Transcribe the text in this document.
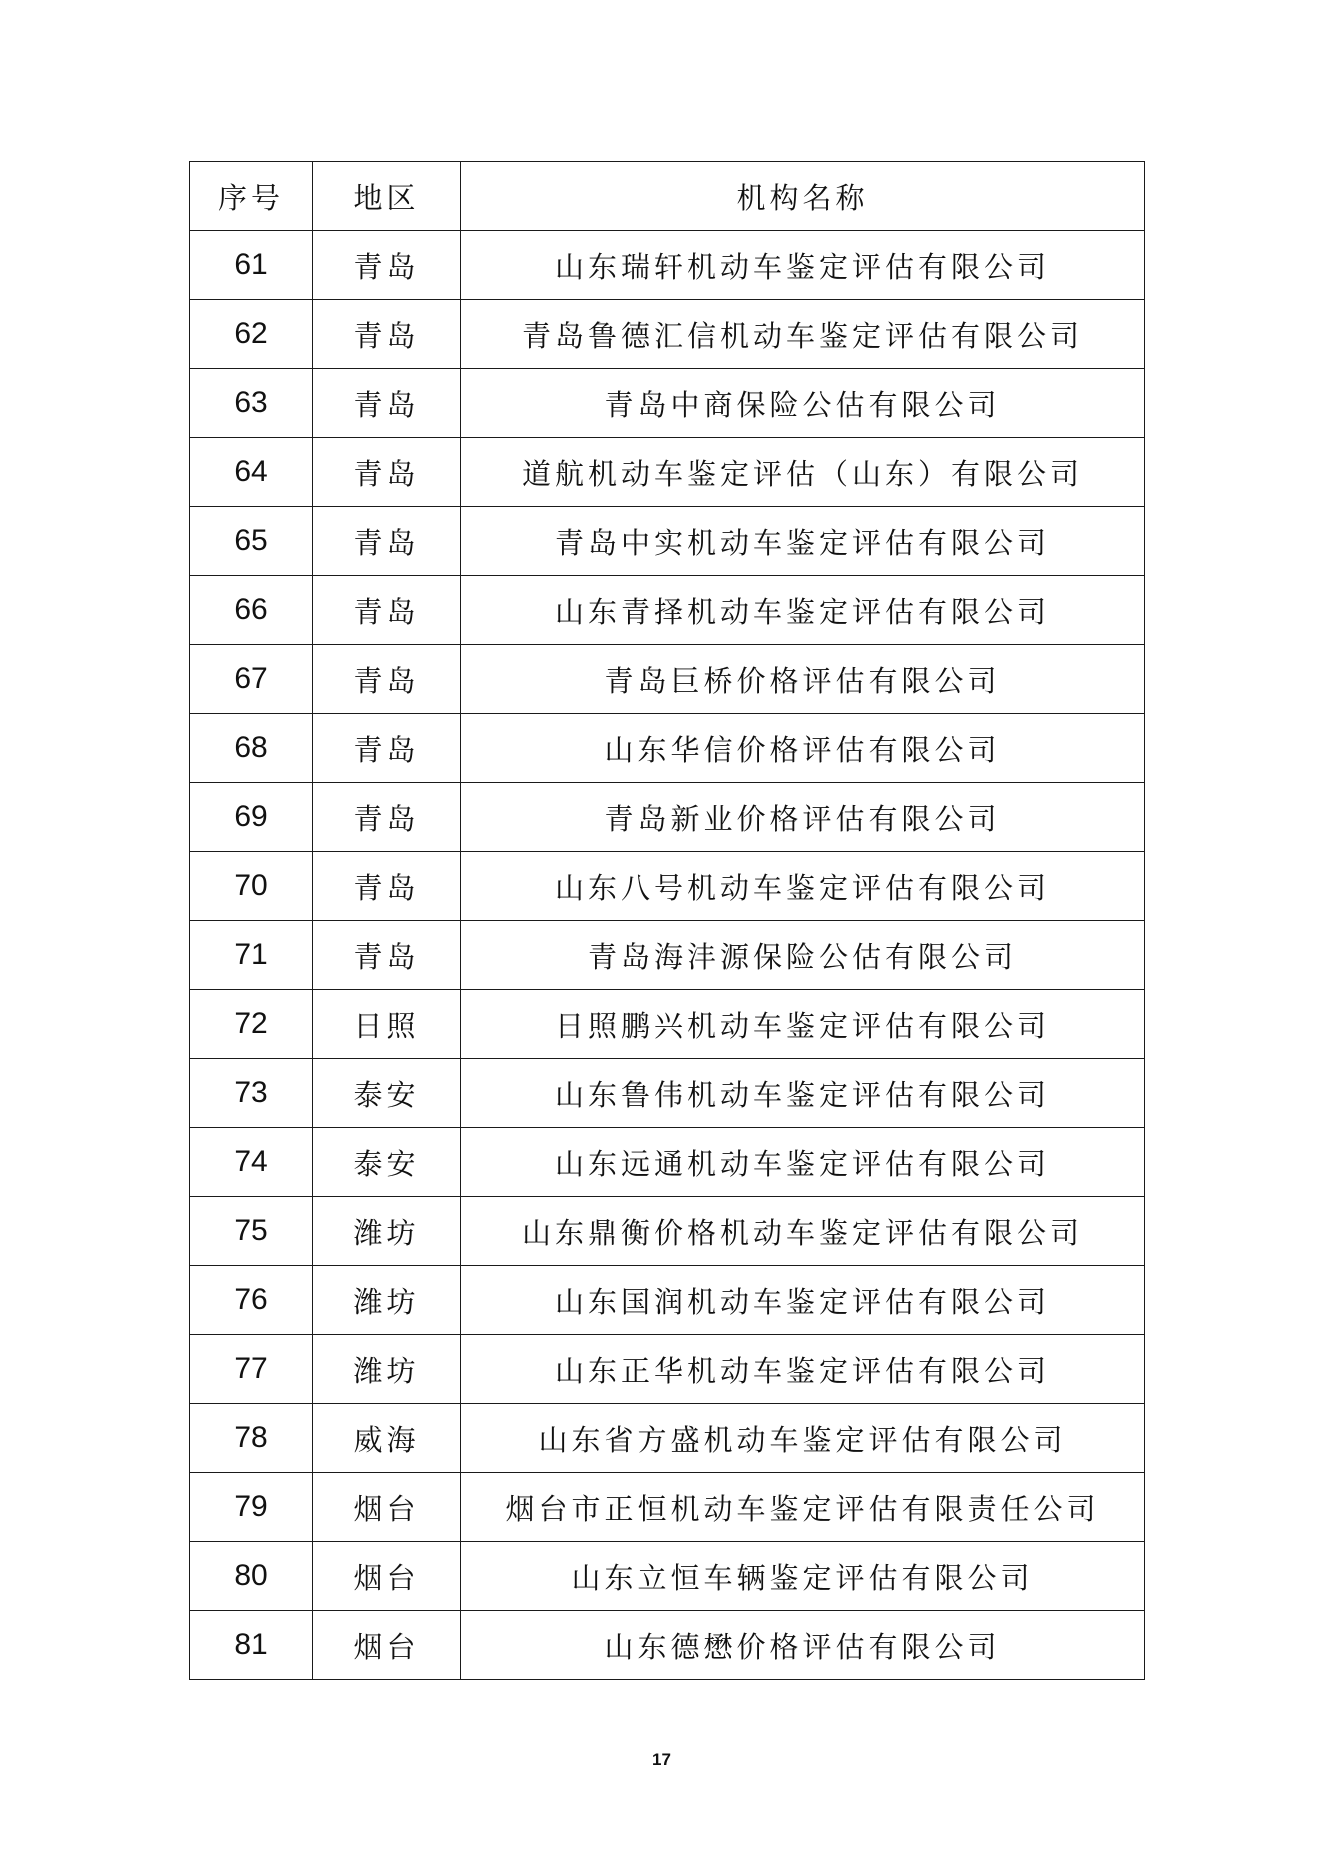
序号	地区	机构名称
61	青岛	山东瑞轩机动车鉴定评估有限公司
62	青岛	青岛鲁德汇信机动车鉴定评估有限公司
63	青岛	青岛中商保险公估有限公司
64	青岛	道航机动车鉴定评估（山东）有限公司
65	青岛	青岛中实机动车鉴定评估有限公司
66	青岛	山东青择机动车鉴定评估有限公司
67	青岛	青岛巨桥价格评估有限公司
68	青岛	山东华信价格评估有限公司
69	青岛	青岛新业价格评估有限公司
70	青岛	山东八号机动车鉴定评估有限公司
71	青岛	青岛海沣源保险公估有限公司
72	日照	日照鹏兴机动车鉴定评估有限公司
73	泰安	山东鲁伟机动车鉴定评估有限公司
74	泰安	山东远通机动车鉴定评估有限公司
75	潍坊	山东鼎衡价格机动车鉴定评估有限公司
76	潍坊	山东国润机动车鉴定评估有限公司
77	潍坊	山东正华机动车鉴定评估有限公司
78	威海	山东省方盛机动车鉴定评估有限公司
79	烟台	烟台市正恒机动车鉴定评估有限责任公司
80	烟台	山东立恒车辆鉴定评估有限公司
81	烟台	山东德懋价格评估有限公司
17
